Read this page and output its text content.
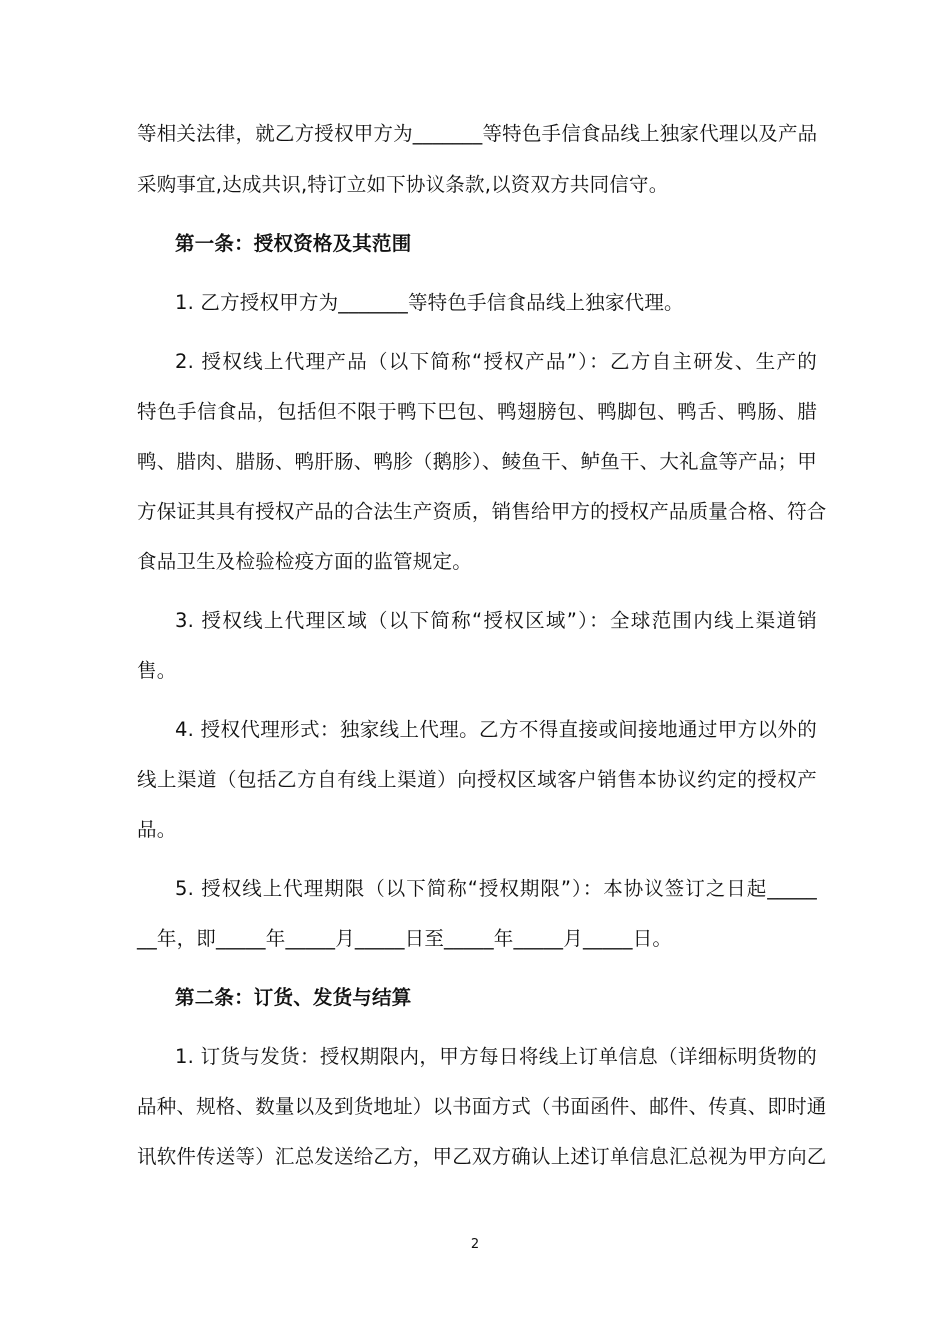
等相关法律，就乙方授权甲方为_______等特色手信食品线上独家代理以及产品
采购事宜,达成共识,特订立如下协议条款,以资双方共同信守。
第一条：授权资格及其范围
1. 乙方授权甲方为_______等特色手信食品线上独家代理。
2. 授权线上代理产品（以下简称“授权产品”）：乙方自主研发、生产的
特色手信食品，包括但不限于鸭下巴包、鸭翅膀包、鸭脚包、鸭舌、鸭肠、腊
鸭、腊肉、腊肠、鸭肝肠、鸭胗（鹅胗）、鲮鱼干、鲈鱼干、大礼盒等产品；甲
方保证其具有授权产品的合法生产资质，销售给甲方的授权产品质量合格、符合
食品卫生及检验检疫方面的监管规定。
3. 授权线上代理区域（以下简称“授权区域”）：全球范围内线上渠道销
售。
4. 授权代理形式：独家线上代理。乙方不得直接或间接地通过甲方以外的
线上渠道（包括乙方自有线上渠道）向授权区域客户销售本协议约定的授权产
品。
5. 授权线上代理期限（以下简称“授权期限”）：本协议签订之日起_____
__年，即_____年_____月_____日至_____年_____月_____日。
第二条：订货、发货与结算
1. 订货与发货：授权期限内，甲方每日将线上订单信息（详细标明货物的
品种、规格、数量以及到货地址）以书面方式（书面函件、邮件、传真、即时通
讯软件传送等）汇总发送给乙方，甲乙双方确认上述订单信息汇总视为甲方向乙
2
